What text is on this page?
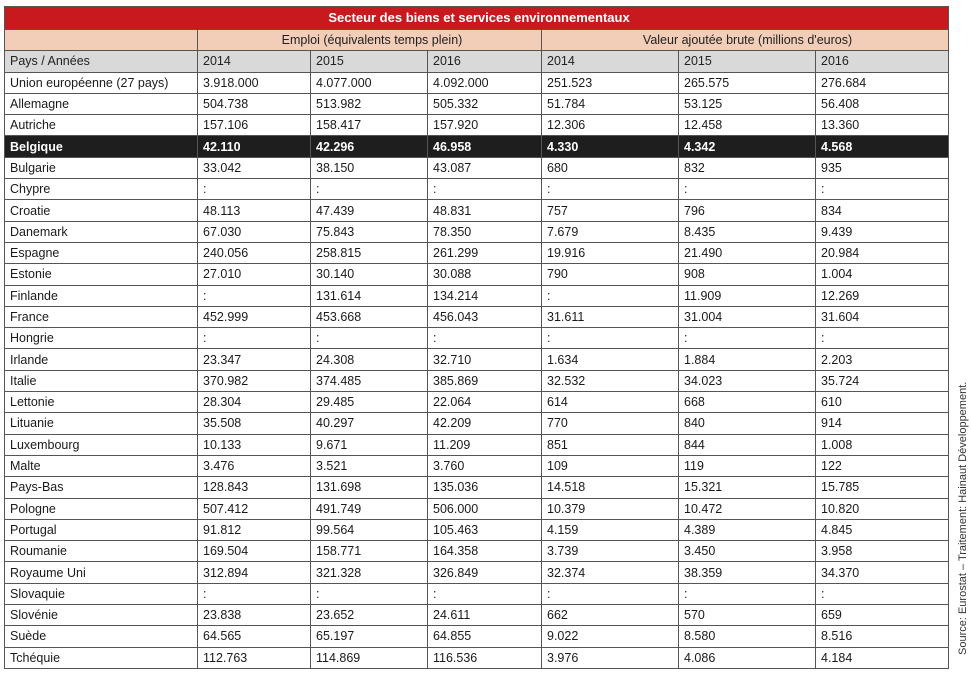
Secteur des biens et services environnementaux						
	Emploi (équivalents temps plein)			Valeur ajoutée brute (millions d'euros)		
Pays / Années	2014	2015	2016	2014	2015	2016
Union européenne (27 pays)	3.918.000	4.077.000	4.092.000	251.523	265.575	276.684
Allemagne	504.738	513.982	505.332	51.784	53.125	56.408
Autriche	157.106	158.417	157.920	12.306	12.458	13.360
Belgique	42.110	42.296	46.958	4.330	4.342	4.568
Bulgarie	33.042	38.150	43.087	680	832	935
Chypre	:	:	:	:	:	:
Croatie	48.113	47.439	48.831	757	796	834
Danemark	67.030	75.843	78.350	7.679	8.435	9.439
Espagne	240.056	258.815	261.299	19.916	21.490	20.984
Estonie	27.010	30.140	30.088	790	908	1.004
Finlande	:	131.614	134.214	:	11.909	12.269
France	452.999	453.668	456.043	31.611	31.004	31.604
Hongrie	:	:	:	:	:	:
Irlande	23.347	24.308	32.710	1.634	1.884	2.203
Italie	370.982	374.485	385.869	32.532	34.023	35.724
Lettonie	28.304	29.485	22.064	614	668	610
Lituanie	35.508	40.297	42.209	770	840	914
Luxembourg	10.133	9.671	11.209	851	844	1.008
Malte	3.476	3.521	3.760	109	119	122
Pays-Bas	128.843	131.698	135.036	14.518	15.321	15.785
Pologne	507.412	491.749	506.000	10.379	10.472	10.820
Portugal	91.812	99.564	105.463	4.159	4.389	4.845
Roumanie	169.504	158.771	164.358	3.739	3.450	3.958
Royaume Uni	312.894	321.328	326.849	32.374	38.359	34.370
Slovaquie	:	:	:	:	:	:
Slovénie	23.838	23.652	24.611	662	570	659
Suède	64.565	65.197	64.855	9.022	8.580	8.516
Tchéquie	112.763	114.869	116.536	3.976	4.086	4.184
Source: Eurostat – Traitement: Hainaut Développement.
